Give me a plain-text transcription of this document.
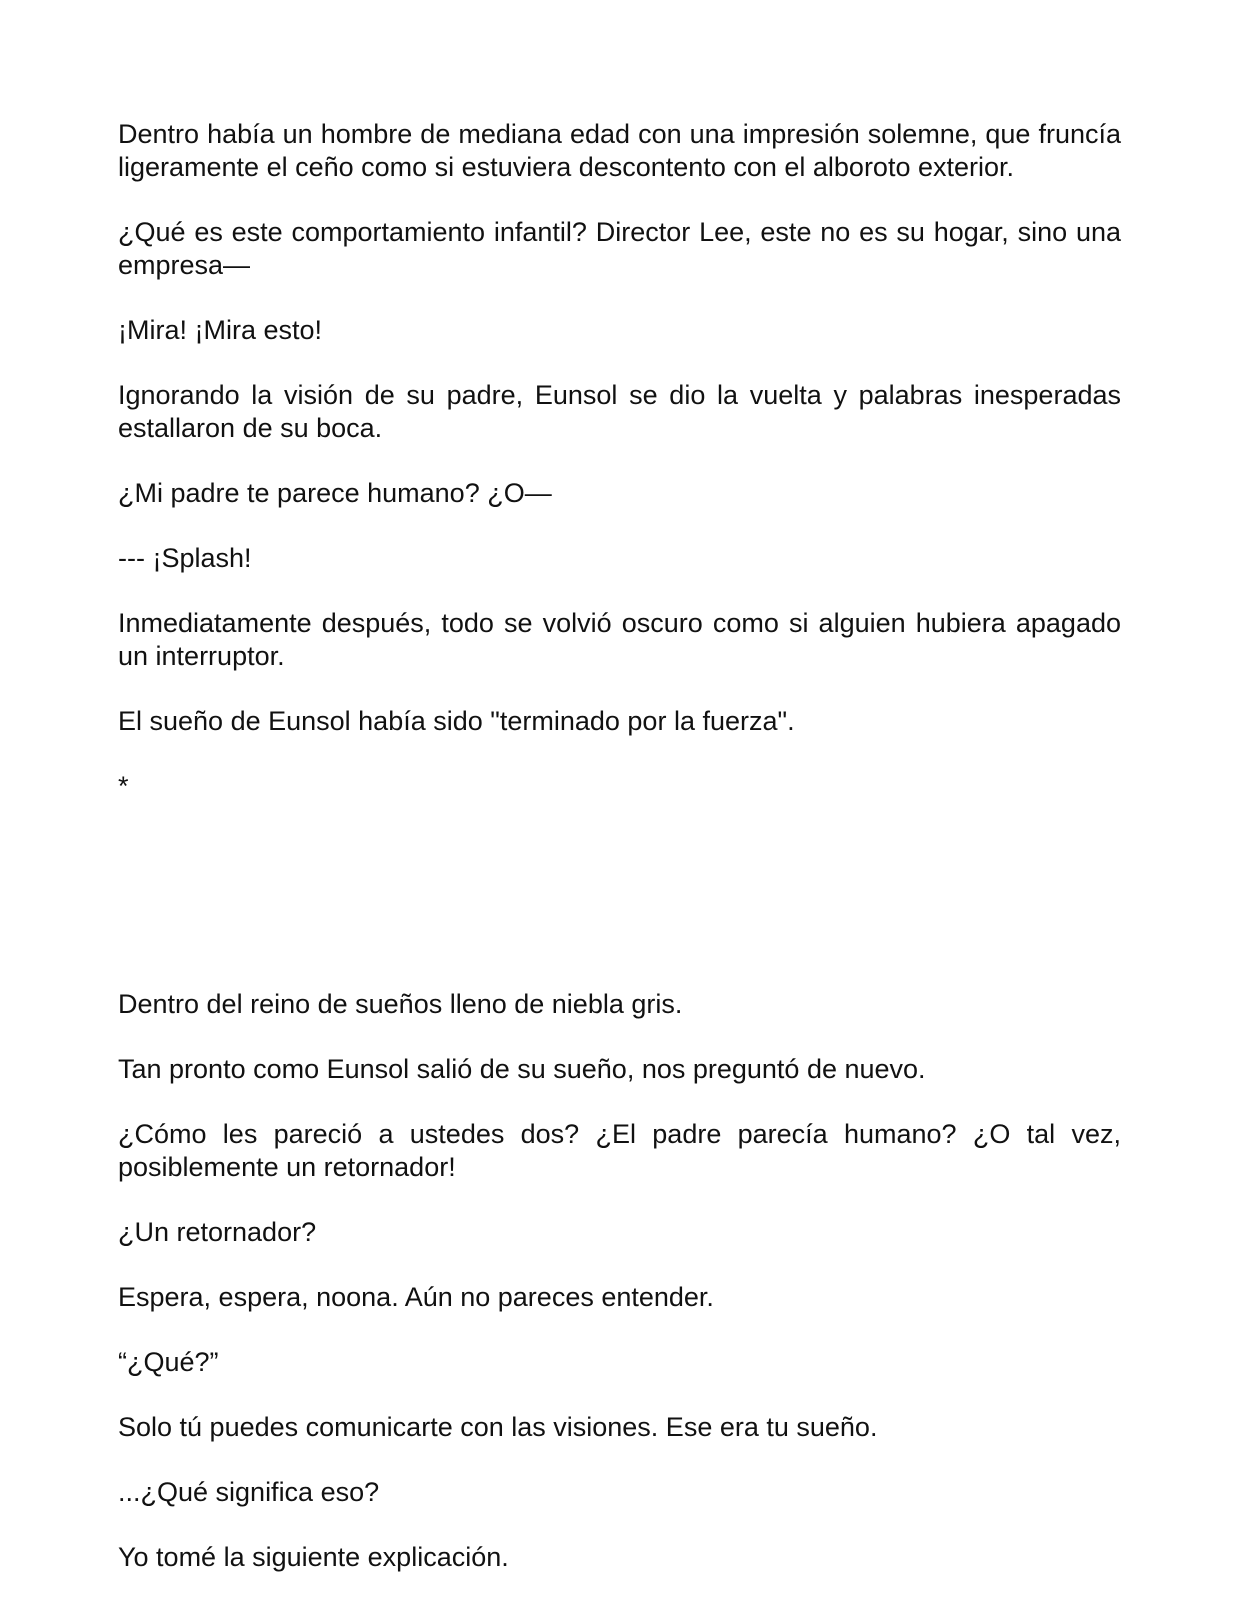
Dentro había un hombre de mediana edad con una impresión solemne, que fruncía ligeramente el ceño como si estuviera descontento con el alboroto exterior.

¿Qué es este comportamiento infantil? Director Lee, este no es su hogar, sino una empresa—

¡Mira! ¡Mira esto!

Ignorando la visión de su padre, Eunsol se dio la vuelta y palabras inesperadas estallaron de su boca.

¿Mi padre te parece humano? ¿O—

--- ¡Splash!

Inmediatamente después, todo se volvió oscuro como si alguien hubiera apagado un interruptor.

El sueño de Eunsol había sido "terminado por la fuerza".

*

Dentro del reino de sueños lleno de niebla gris.

Tan pronto como Eunsol salió de su sueño, nos preguntó de nuevo.

¿Cómo les pareció a ustedes dos? ¿El padre parecía humano? ¿O tal vez, posiblemente un retornador!

¿Un retornador?

Espera, espera, noona. Aún no pareces entender.

“¿Qué?”

Solo tú puedes comunicarte con las visiones. Ese era tu sueño.

...¿Qué significa eso?

Yo tomé la siguiente explicación.
